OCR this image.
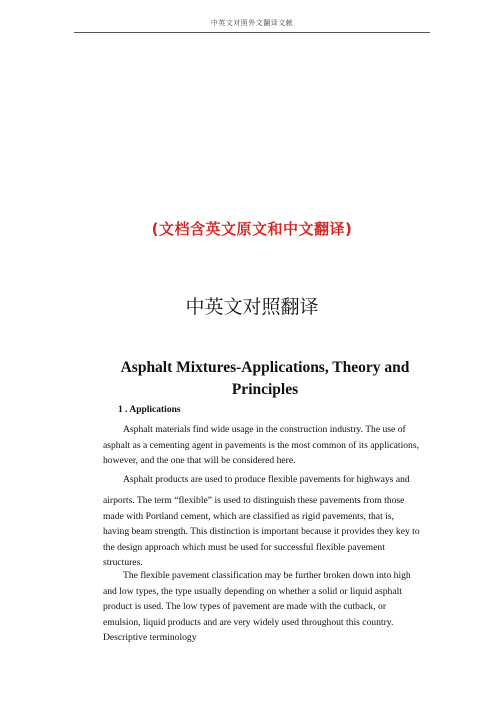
中英文对照外文翻译文献
(文档含英文原文和中文翻译)
中英文对照翻译
Asphalt Mixtures-Applications, Theory and Principles
1 . Applications

Asphalt materials find wide usage in the construction industry. The use of asphalt as a cementing agent in pavements is the most common of its applications, however, and the one that will be considered here.

Asphalt products are used to produce flexible pavements for highways and

airports. The term “flexible” is used to distinguish these pavements from those made with Portland cement, which are classified as rigid pavements, that is, having beam strength. This distinction is important because it provides they key to the design approach which must be used for successful flexible pavement structures.

The flexible pavement classification may be further broken down into high and low types, the type usually depending on whether a solid or liquid asphalt product is used. The low types of pavement are made with the cutback, or emulsion, liquid products and are very widely used throughout this country. Descriptive terminology
